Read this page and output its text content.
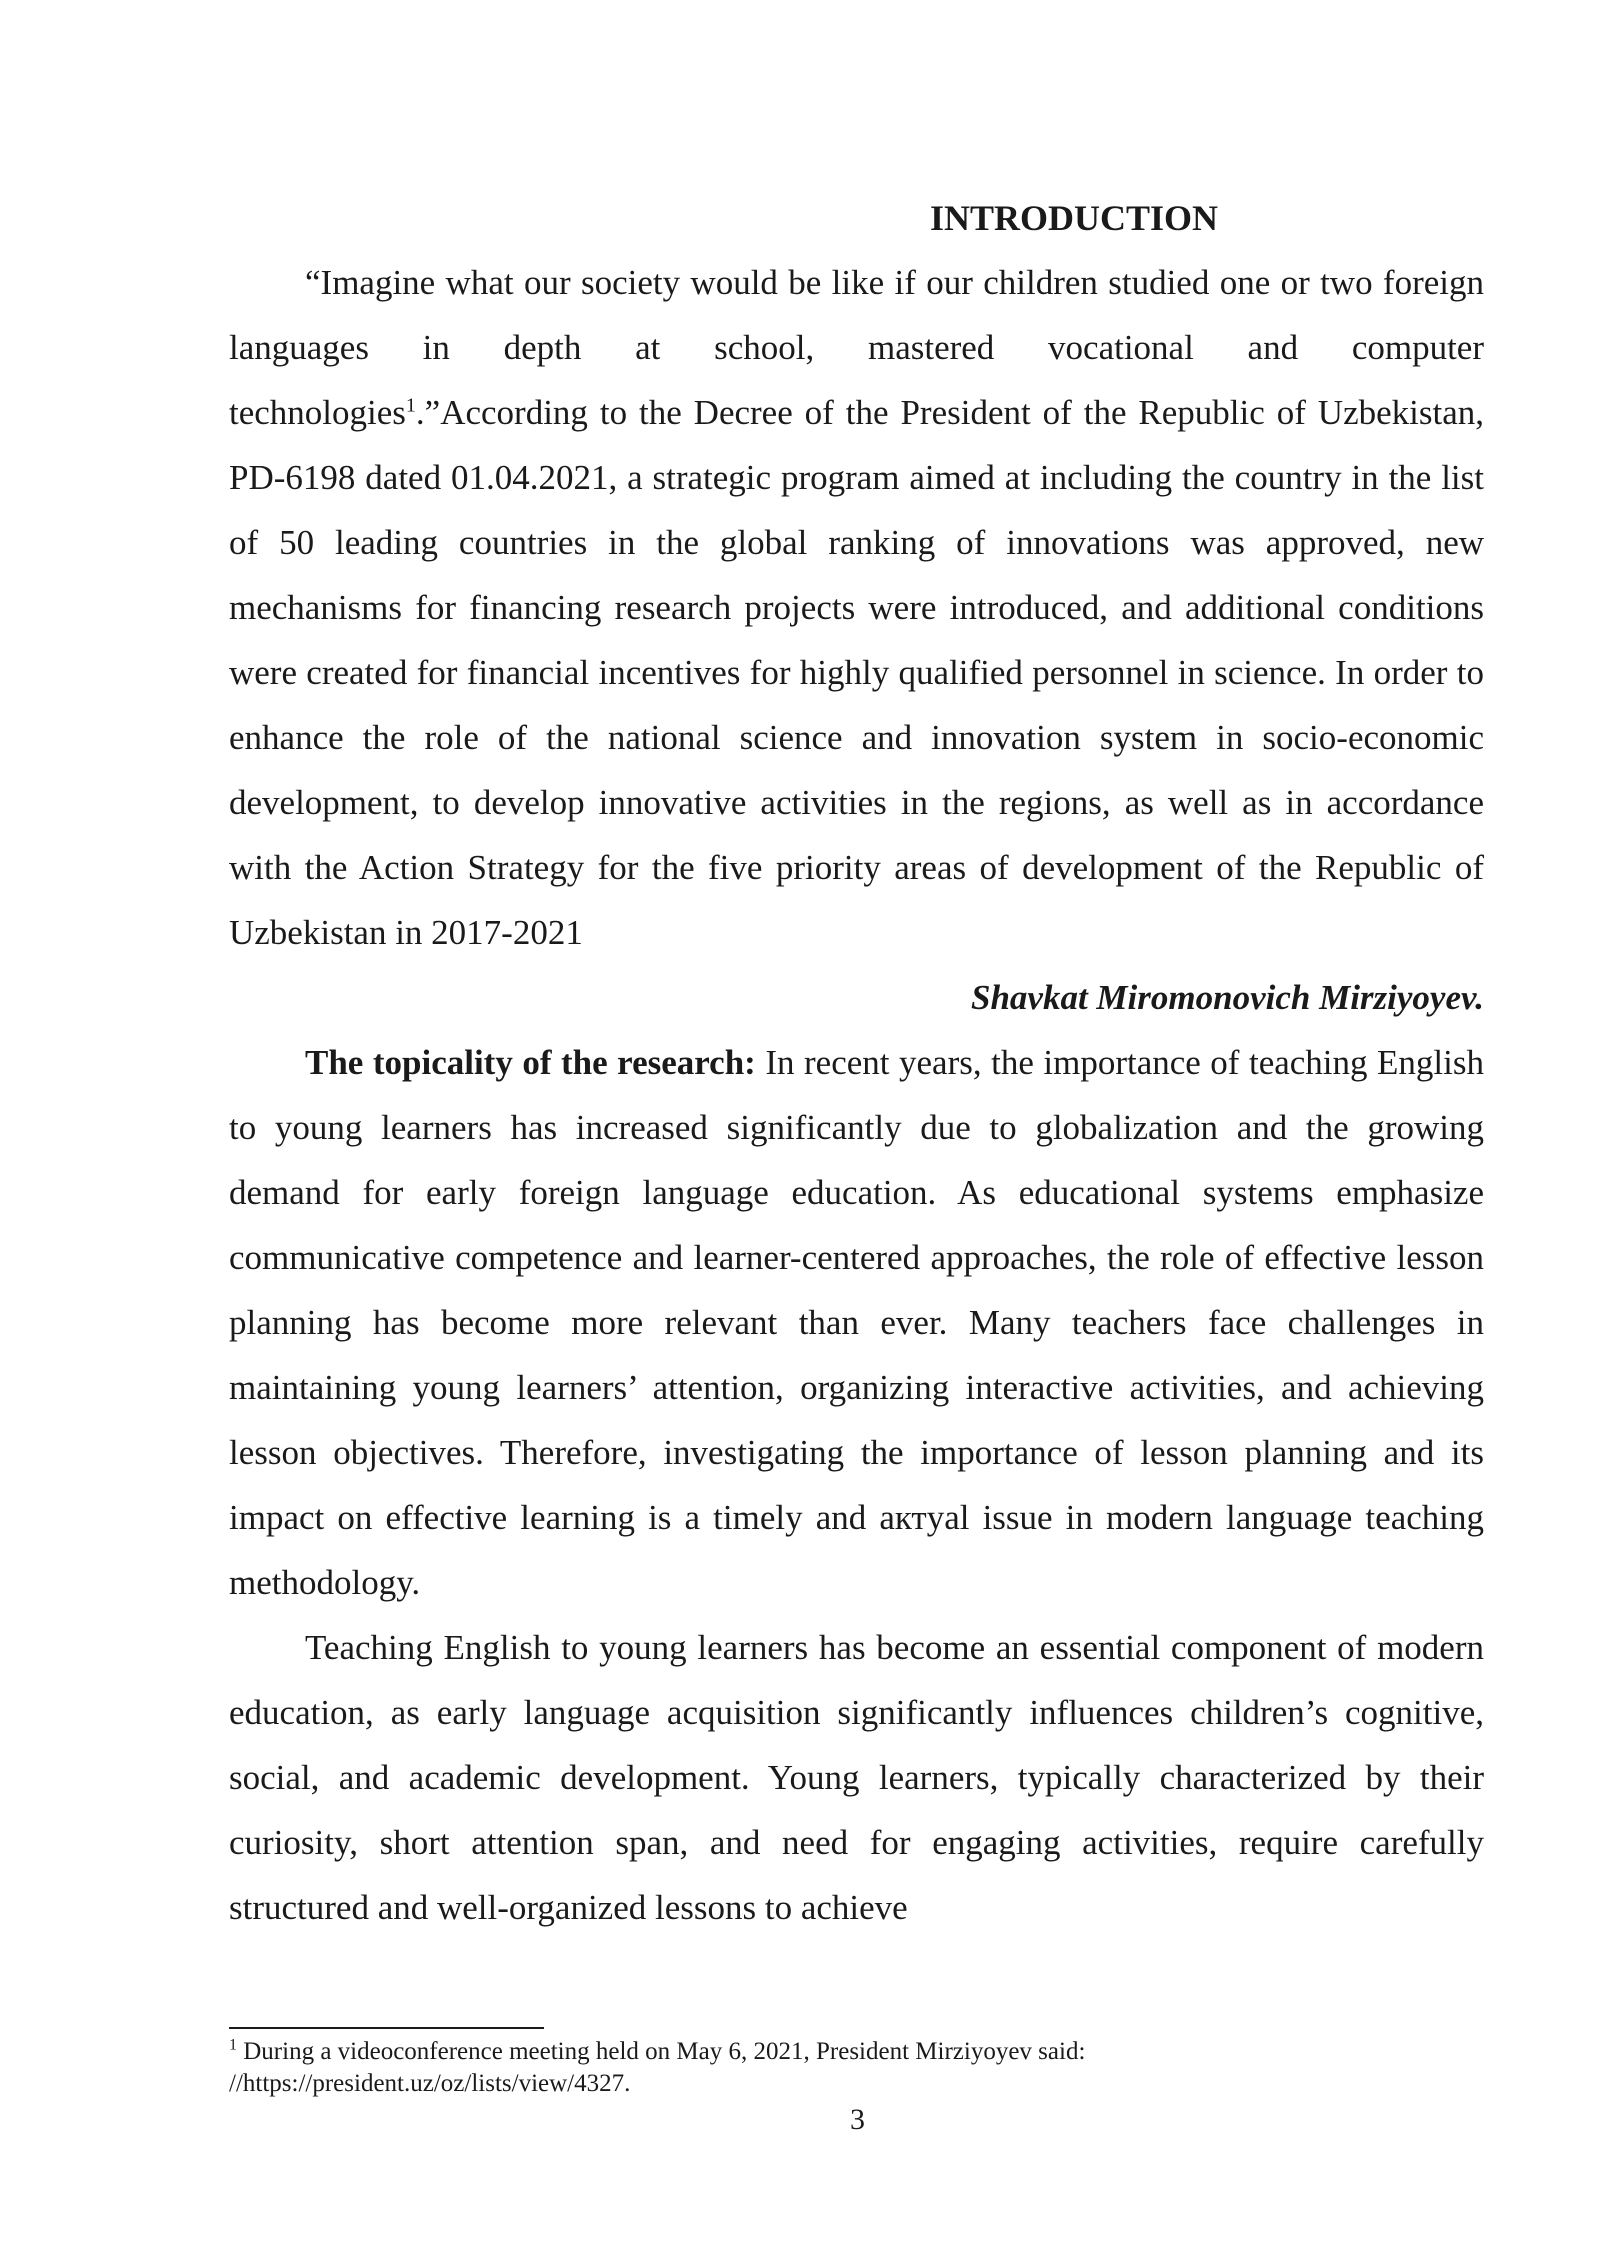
INTRODUCTION

“Imagine what our society would be like if our children studied one or two foreign languages in depth at school, mastered vocational and computer technologies$^1$.”According to the Decree of the President of the Republic of Uzbekistan, PD-6198 dated 01.04.2021, a strategic program aimed at including the country in the list of 50 leading countries in the global ranking of innovations was approved, new mechanisms for financing research projects were introduced, and additional conditions were created for financial incentives for highly qualified personnel in science. In order to enhance the role of the national science and innovation system in socio-economic development, to develop innovative activities in the regions, as well as in accordance with the Action Strategy for the five priority areas of development of the Republic of Uzbekistan in 2017-2021

Shavkat Miromonovich Mirziyoyev.

The topicality of the research: In recent years, the importance of teaching English to young learners has increased significantly due to globalization and the growing demand for early foreign language education. As educational systems emphasize communicative competence and learner-centered approaches, the role of effective lesson planning has become more relevant than ever. Many teachers face challenges in maintaining young learners’ attention, organizing interactive activities, and achieving lesson objectives. Therefore, investigating the importance of lesson planning and its impact on effective learning is a timely and aктyal issue in modern language teaching methodology.

Teaching English to young learners has become an essential component of modern education, as early language acquisition significantly influences children’s cognitive, social, and academic development. Young learners, typically characterized by their curiosity, short attention span, and need for engaging activities, require carefully structured and well-organized lessons to achieve

$^1$ During a videoconference meeting held on May 6, 2021, President Mirziyoyev said:
//https://president.uz/oz/lists/view/4327.
3
